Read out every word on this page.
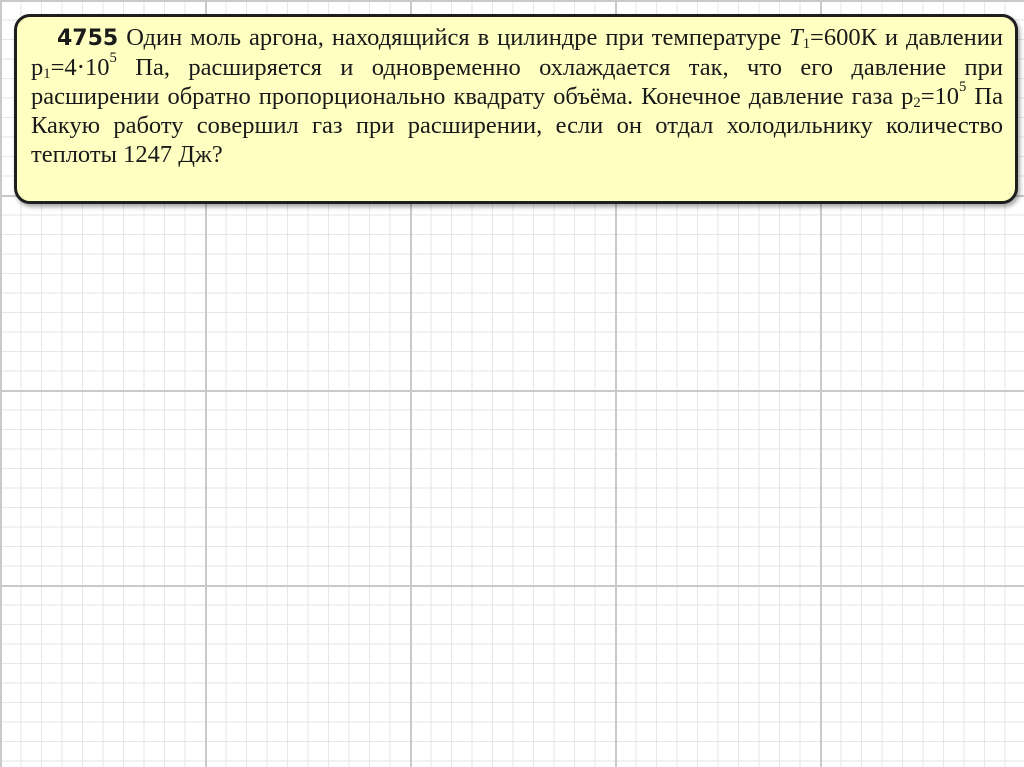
4755 Один моль аргона, находящийся в цилиндре при температуре $T_1=600К$ и давлении $p_1=4\cdot 10^5$ Па, расширяется и одновременно охлаждается так, что его давление при расширении обратно пропорционально квадрату объёма. Конечное давление газа $p_2=10^5$ Па Какую работу совершил газ при расширении, если он отдал холодильнику количество теплоты 1247 Дж?
